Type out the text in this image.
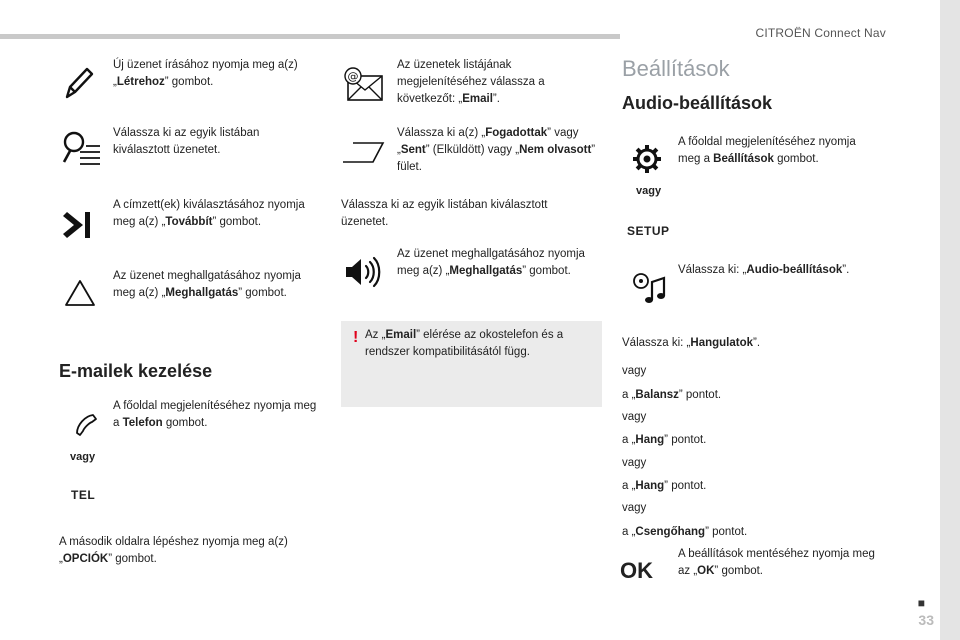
CITROËN Connect Nav
■
33
Új üzenet írásához nyomja meg a(z) „Létrehoz” gombot.
Válassza ki az egyik listában kiválasztott üzenetet.
A címzett(ek) kiválasztásához nyomja meg a(z) „Továbbít” gombot.
Az üzenet meghallgatásához nyomja meg a(z) „Meghallgatás” gombot.
E-mailek kezelése
vagy
TEL
A főoldal megjelenítéséhez nyomja meg a Telefon gombot.
A második oldalra lépéshez nyomja meg a(z) „OPCIÓK” gombot.
@
Az üzenetek listájának megjelenítéséhez válassza a következőt: „Email”.
Válassza ki a(z) „Fogadottak” vagy „Sent” (Elküldött) vagy „Nem olvasott” fület.
Válassza ki az egyik listában kiválasztott üzenetet.
Az üzenet meghallgatásához nyomja meg a(z) „Meghallgatás” gombot.
! Az „Email” elérése az okostelefon és a rendszer kompatibilitásától függ.
Beállítások
Audio-beállítások
vagy
SETUP
A főoldal megjelenítéséhez nyomja meg a Beállítások gombot.
Válassza ki: „Audio-beállítások”.
Válassza ki: „Hangulatok”.
vagy
a „Balansz” pontot.
vagy
a „Hang” pontot.
vagy
a „Hang” pontot.
vagy
a „Csengőhang” pontot.
OK
A beállítások mentéséhez nyomja meg az „OK” gombot.
